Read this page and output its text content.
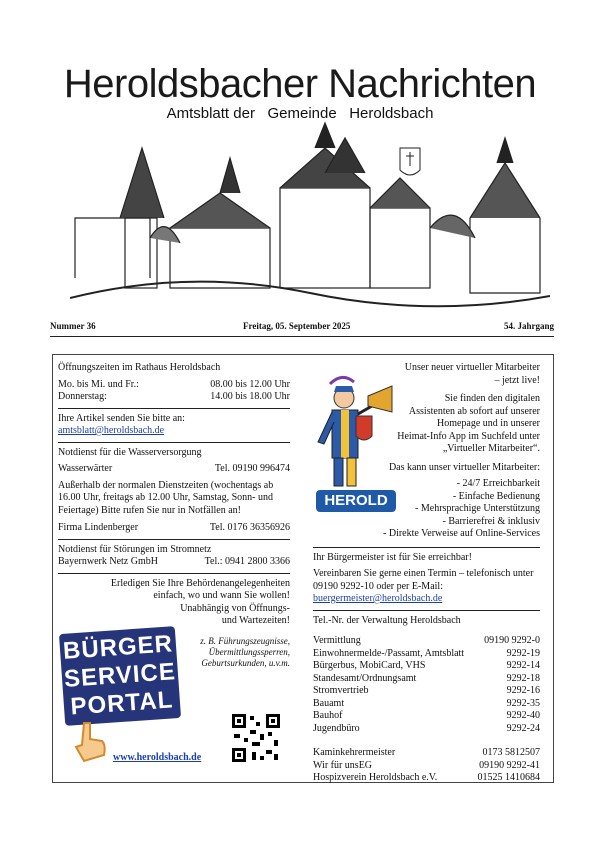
Heroldsbacher Nachrichten
Amtsblatt der Gemeinde Heroldsbach
Nummer 36	Freitag, 05. September 2025	54. Jahrgang
Öffnungszeiten im Rathaus Heroldsbach
Mo. bis Mi. und Fr.:	08.00 bis 12.00 Uhr
Donnerstag:	14.00 bis 18.00 Uhr
Ihre Artikel senden Sie bitte an:
amtsblatt@heroldsbach.de
Notdienst für die Wasserversorgung
Wasserwärter	Tel. 09190 996474
Außerhalb der normalen Dienstzeiten (wochentags ab 16.00 Uhr, freitags ab 12.00 Uhr, Samstag, Sonn- und Feiertage) Bitte rufen Sie nur in Notfällen an!
Firma Lindenberger	Tel. 0176 36356926
Notdienst für Störungen im Stromnetz
Bayernwerk Netz GmbH	Tel.: 0941 2800 3366
Erledigen Sie Ihre Behördenangelegenheiten
einfach, wo und wann Sie wollen!
Unabhängig von Öffnungs-
und Wartezeiten!
z. B. Führungszeugnisse,
Übermittlungssperren,
Geburtsurkunden, u.v.m.
BÜRGER
SERVICE
PORTAL
www.heroldsbach.de
HEROLD
Unser neuer virtueller Mitarbeiter
– jetzt live!
Sie finden den digitalen
Assistenten ab sofort auf unserer
Homepage und in unserer
Heimat-Info App im Suchfeld unter
„Virtueller Mitarbeiter“.
Das kann unser virtueller Mitarbeiter:
- 24/7 Erreichbarkeit
- Einfache Bedienung
- Mehrsprachige Unterstützung
- Barrierefrei & inklusiv
- Direkte Verweise auf Online-Services
Ihr Bürgermeister ist für Sie erreichbar!
Vereinbaren Sie gerne einen Termin – telefonisch unter 09190 9292-10 oder per E-Mail:
buergermeister@heroldsbach.de
Tel.-Nr. der Verwaltung Heroldsbach
Vermittlung	09190 9292-0
Einwohnermelde-/Passamt, Amtsblatt	9292-19
Bürgerbus, MobiCard, VHS	9292-14
Standesamt/Ordnungsamt	9292-18
Stromvertrieb	9292-16
Bauamt	9292-35
Bauhof	9292-40
Jugendbüro	9292-24
Kaminkehrermeister	0173 5812507
Wir für unsEG	09190 9292-41
Hospizverein Heroldsbach e.V.	01525 1410684
